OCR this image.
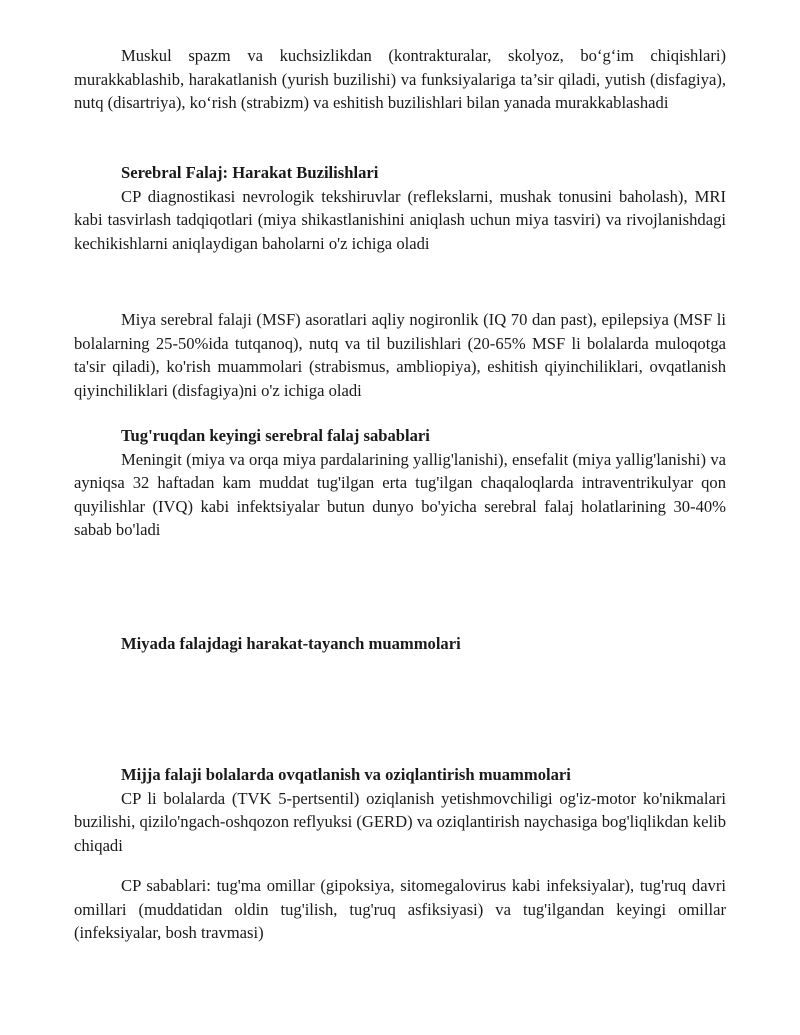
Muskul spazm va kuchsizlikdan (kontrakturalar, skolyoz, bo‘g‘im chiqishlari) murakkablashib, harakatlanish (yurish buzilishi) va funksiyalariga ta’sir qiladi, yutish (disfagiya), nutq (disartriya), ko‘rish (strabizm) va eshitish buzilishlari bilan yanada murakkablashadi

Serebral Falaj: Harakat Buzilishlari

CP diagnostikasi nevrologik tekshiruvlar (reflekslarni, mushak tonusini baholash), MRI kabi tasvirlash tadqiqotlari (miya shikastlanishini aniqlash uchun miya tasviri) va rivojlanishdagi kechikishlarni aniqlaydigan baholarni o'z ichiga oladi

Miya serebral falaji (MSF) asoratlari aqliy nogironlik (IQ 70 dan past), epilepsiya (MSF li bolalarning 25-50%ida tutqanoq), nutq va til buzilishlari (20-65% MSF li bolalarda muloqotga ta'sir qiladi), ko'rish muammolari (strabismus, ambliopiya), eshitish qiyinchiliklari, ovqatlanish qiyinchiliklari (disfagiya)ni o'z ichiga oladi

Tug'ruqdan keyingi serebral falaj sabablari

Meningit (miya va orqa miya pardalarining yallig'lanishi), ensefalit (miya yallig'lanishi) va ayniqsa 32 haftadan kam muddat tug'ilgan erta tug'ilgan chaqaloqlarda intraventrikulyar qon quyilishlar (IVQ) kabi infektsiyalar butun dunyo bo'yicha serebral falaj holatlarining 30-40% sabab bo'ladi

Miyada falajdagi harakat-tayanch muammolari
Mijja falaji bolalarda ovqatlanish va oziqlantirish muammolari

CP li bolalarda (TVK 5-pertsentil) oziqlanish yetishmovchiligi og'iz-motor ko'nikmalari buzilishi, qizilo'ngach-oshqozon reflyuksi (GERD) va oziqlantirish naychasiga bog'liqlikdan kelib chiqadi

CP sabablari: tug'ma omillar (gipoksiya, sitomegalovirus kabi infeksiyalar), tug'ruq davri omillari (muddatidan oldin tug'ilish, tug'ruq asfiksiyasi) va tug'ilgandan keyingi omillar (infeksiyalar, bosh travmasi)
